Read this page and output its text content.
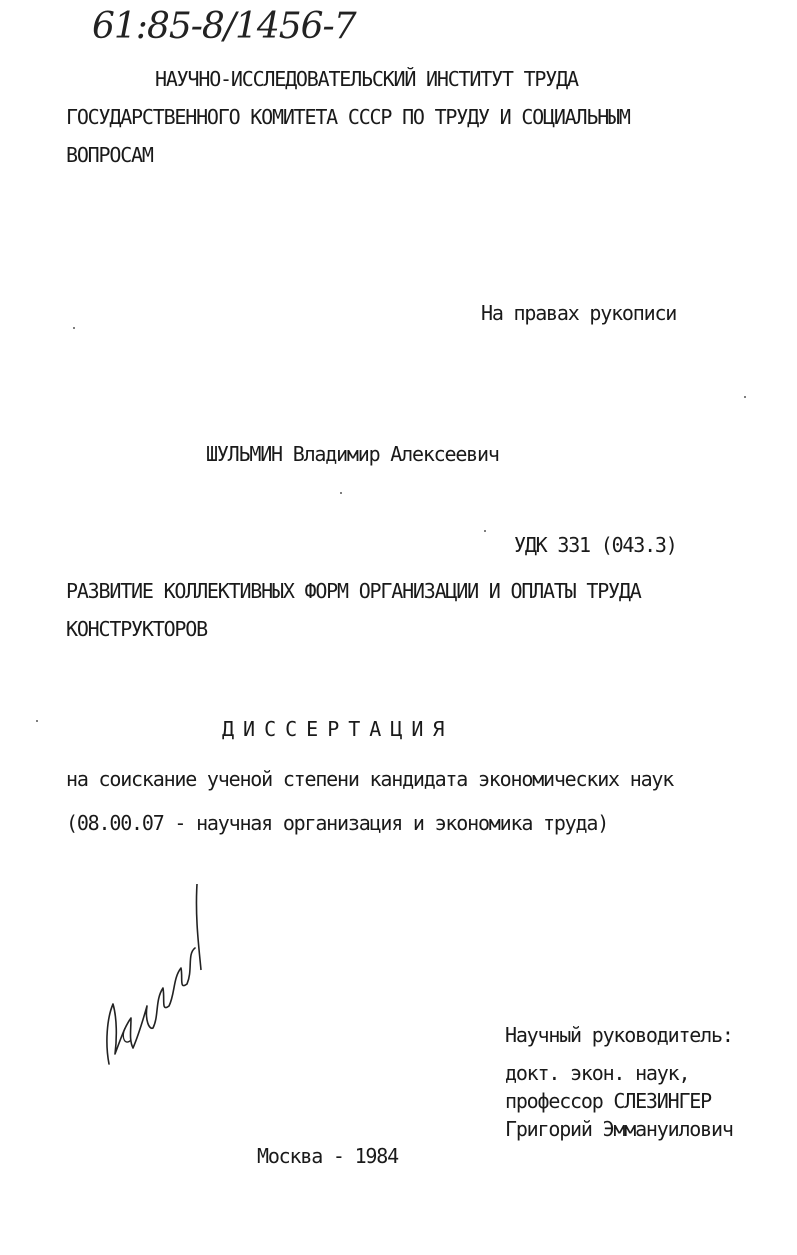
61:85-8/1456-7
НАУЧНО-ИССЛЕДОВАТЕЛЬСКИЙ ИНСТИТУТ ТРУДА
ГОСУДАРСТВЕННОГО КОМИТЕТА СССР ПО ТРУДУ И СОЦИАЛЬНЫМ
ВОПРОСАМ
На правах рукописи
ШУЛЬМИН Владимир Алексеевич
УДК 331 (043.3)
РАЗВИТИЕ КОЛЛЕКТИВНЫХ ФОРМ ОРГАНИЗАЦИИ И ОПЛАТЫ ТРУДА
КОНСТРУКТОРОВ
ДИССЕРТАЦИЯ
на соискание ученой степени кандидата экономических наук
(08.00.07 - научная организация и экономика труда)
Научный руководитель:
докт. экон. наук,
профессор СЛЕЗИНГЕР
Григорий Эммануилович
Москва - 1984
